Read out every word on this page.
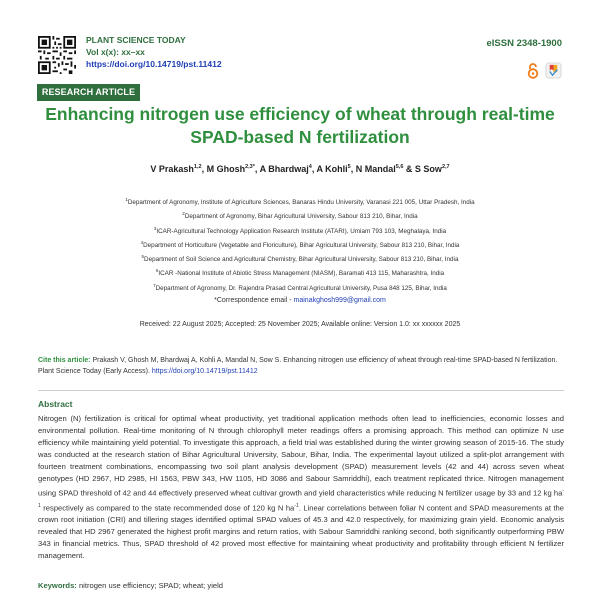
PLANT SCIENCE TODAY
Vol x(x): xx–xx
https://doi.org/10.14719/pst.11412
eISSN 2348-1900
RESEARCH ARTICLE
Enhancing nitrogen use efficiency of wheat through real-time
SPAD-based N fertilization
V Prakash$^{1,2}$, M Ghosh$^{2,3*}$, A Bhardwaj$^4$, A Kohli$^5$, N Mandal$^{5,6}$ & S Sow$^{2,7}$
$^1$Department of Agronomy, Institute of Agriculture Sciences, Banaras Hindu University, Varanasi 221 005, Uttar Pradesh, India
$^2$Department of Agronomy, Bihar Agricultural University, Sabour 813 210, Bihar, India
$^3$ICAR-Agricultural Technology Application Research Institute (ATARI), Umiam 793 103, Meghalaya, India
$^4$Department of Horticulture (Vegetable and Floriculture), Bihar Agricultural University, Sabour 813 210, Bihar, India
$^5$Department of Soil Science and Agricultural Chemistry, Bihar Agricultural University, Sabour 813 210, Bihar, India
$^6$ICAR -National Institute of Abiotic Stress Management (NIASM), Baramati 413 115, Maharashtra, India
$^7$Department of Agronomy, Dr. Rajendra Prasad Central Agricultural University, Pusa 848 125, Bihar, India
*Correspondence email - mainakghosh999@gmail.com
Received: 22 August 2025; Accepted: 25 November 2025; Available online: Version 1.0: xx xxxxxx 2025
Cite this article: Prakash V, Ghosh M, Bhardwaj A, Kohli A, Mandal N, Sow S. Enhancing nitrogen use efficiency of wheat through real-time SPAD-based N fertilization. Plant Science Today (Early Access). https://doi.org/10.14719/pst.11412
Abstract
Nitrogen (N) fertilization is critical for optimal wheat productivity, yet traditional application methods often lead to inefficiencies, economic losses and environmental pollution. Real-time monitoring of N through chlorophyll meter readings offers a promising approach. This method can optimize N use efficiency while maintaining yield potential. To investigate this approach, a field trial was established during the winter growing season of 2015-16. The study was conducted at the research station of Bihar Agricultural University, Sabour, Bihar, India. The experimental layout utilized a split-plot arrangement with fourteen treatment combinations, encompassing two soil plant analysis development (SPAD) measurement levels (42 and 44) across seven wheat genotypes (HD 2967, HD 2985, HI 1563, PBW 343, HW 1105, HD 3086 and Sabour Samriddhi), each treatment replicated thrice. Nitrogen management using SPAD threshold of 42 and 44 effectively preserved wheat cultivar growth and yield characteristics while reducing N fertilizer usage by 33 and 12 kg $ha^{-1}$ respectively as compared to the state recommended dose of 120 kg N $ha^{-1}$. Linear correlations between foliar N content and SPAD measurements at the crown root initiation (CRI) and tillering stages identified optimal SPAD values of 45.3 and 42.0 respectively, for maximizing grain yield. Economic analysis revealed that HD 2967 generated the highest profit margins and return ratios, with Sabour Samriddhi ranking second, both significantly outperforming PBW 343 in financial metrics. Thus, SPAD threshold of 42 proved most effective for maintaining wheat productivity and profitability through efficient N fertilizer management.
Keywords: nitrogen use efficiency; SPAD; wheat; yield
